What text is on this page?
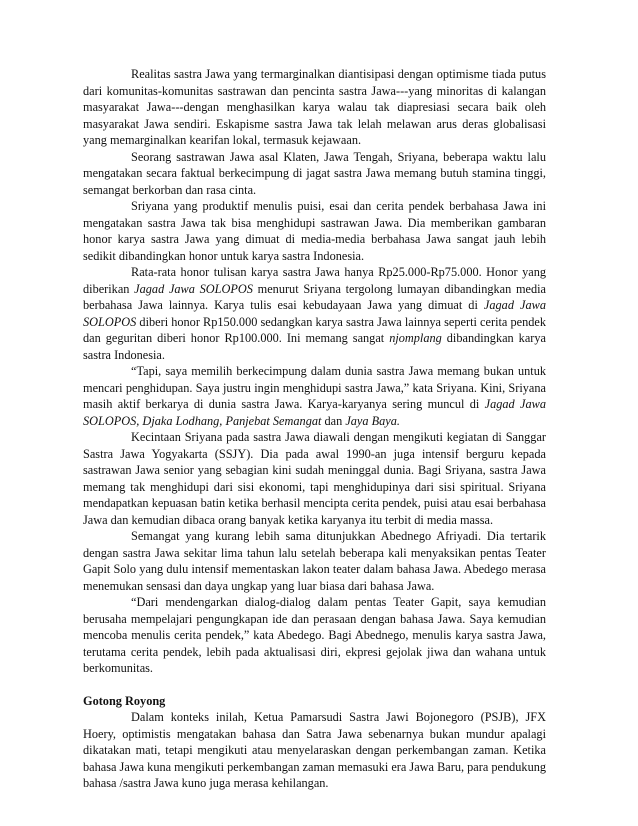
Realitas sastra Jawa yang termarginalkan diantisipasi dengan optimisme tiada putus dari komunitas-komunitas sastrawan dan pencinta sastra Jawa---yang minoritas di kalangan masyarakat Jawa---dengan menghasilkan karya walau tak diapresiasi secara baik oleh masyarakat Jawa sendiri. Eskapisme sastra Jawa tak lelah melawan arus deras globalisasi yang memarginalkan kearifan lokal, termasuk kejawaan.

Seorang sastrawan Jawa asal Klaten, Jawa Tengah, Sriyana, beberapa waktu lalu mengatakan secara faktual berkecimpung di jagat sastra Jawa memang butuh stamina tinggi, semangat berkorban dan rasa cinta.

Sriyana yang produktif menulis puisi, esai dan cerita pendek berbahasa Jawa ini mengatakan sastra Jawa tak bisa menghidupi sastrawan Jawa. Dia memberikan gambaran honor karya sastra Jawa yang dimuat di media-media berbahasa Jawa sangat jauh lebih sedikit dibandingkan honor untuk karya sastra Indonesia.

Rata-rata honor tulisan karya sastra Jawa hanya Rp25.000-Rp75.000. Honor yang diberikan Jagad Jawa SOLOPOS menurut Sriyana tergolong lumayan dibandingkan media berbahasa Jawa lainnya. Karya tulis esai kebudayaan Jawa yang dimuat di Jagad Jawa SOLOPOS diberi honor Rp150.000 sedangkan karya sastra Jawa lainnya seperti cerita pendek dan geguritan diberi honor Rp100.000. Ini memang sangat njomplang dibandingkan karya sastra Indonesia.

“Tapi, saya memilih berkecimpung dalam dunia sastra Jawa memang bukan untuk mencari penghidupan. Saya justru ingin menghidupi sastra Jawa,” kata Sriyana. Kini, Sriyana masih aktif berkarya di dunia sastra Jawa. Karya-karyanya sering muncul di Jagad Jawa SOLOPOS, Djaka Lodhang, Panjebat Semangat dan Jaya Baya.

Kecintaan Sriyana pada sastra Jawa diawali dengan mengikuti kegiatan di Sanggar Sastra Jawa Yogyakarta (SSJY). Dia pada awal 1990-an juga intensif berguru kepada sastrawan Jawa senior yang sebagian kini sudah meninggal dunia. Bagi Sriyana, sastra Jawa memang tak menghidupi dari sisi ekonomi, tapi menghidupinya dari sisi spiritual. Sriyana mendapatkan kepuasan batin ketika berhasil mencipta cerita pendek, puisi atau esai berbahasa Jawa dan kemudian dibaca orang banyak ketika karyanya itu terbit di media massa.

Semangat yang kurang lebih sama ditunjukkan Abednego Afriyadi. Dia tertarik dengan sastra Jawa sekitar lima tahun lalu setelah beberapa kali menyaksikan pentas Teater Gapit Solo yang dulu intensif mementaskan lakon teater dalam bahasa Jawa. Abedego merasa menemukan sensasi dan daya ungkap yang luar biasa dari bahasa Jawa.

“Dari mendengarkan dialog-dialog dalam pentas Teater Gapit, saya kemudian berusaha mempelajari pengungkapan ide dan perasaan dengan bahasa Jawa. Saya kemudian mencoba menulis cerita pendek,” kata Abedego. Bagi Abednego, menulis karya sastra Jawa, terutama cerita pendek, lebih pada aktualisasi diri, ekpresi gejolak jiwa dan wahana untuk berkomunitas.

Gotong Royong

Dalam konteks inilah, Ketua Pamarsudi Sastra Jawi Bojonegoro (PSJB), JFX Hoery, optimistis mengatakan bahasa dan Satra Jawa sebenarnya bukan mundur apalagi dikatakan mati, tetapi mengikuti atau menyelaraskan dengan perkembangan zaman. Ketika bahasa Jawa kuna mengikuti perkembangan zaman memasuki era Jawa Baru, para pendukung bahasa /sastra Jawa kuno juga merasa kehilangan.
